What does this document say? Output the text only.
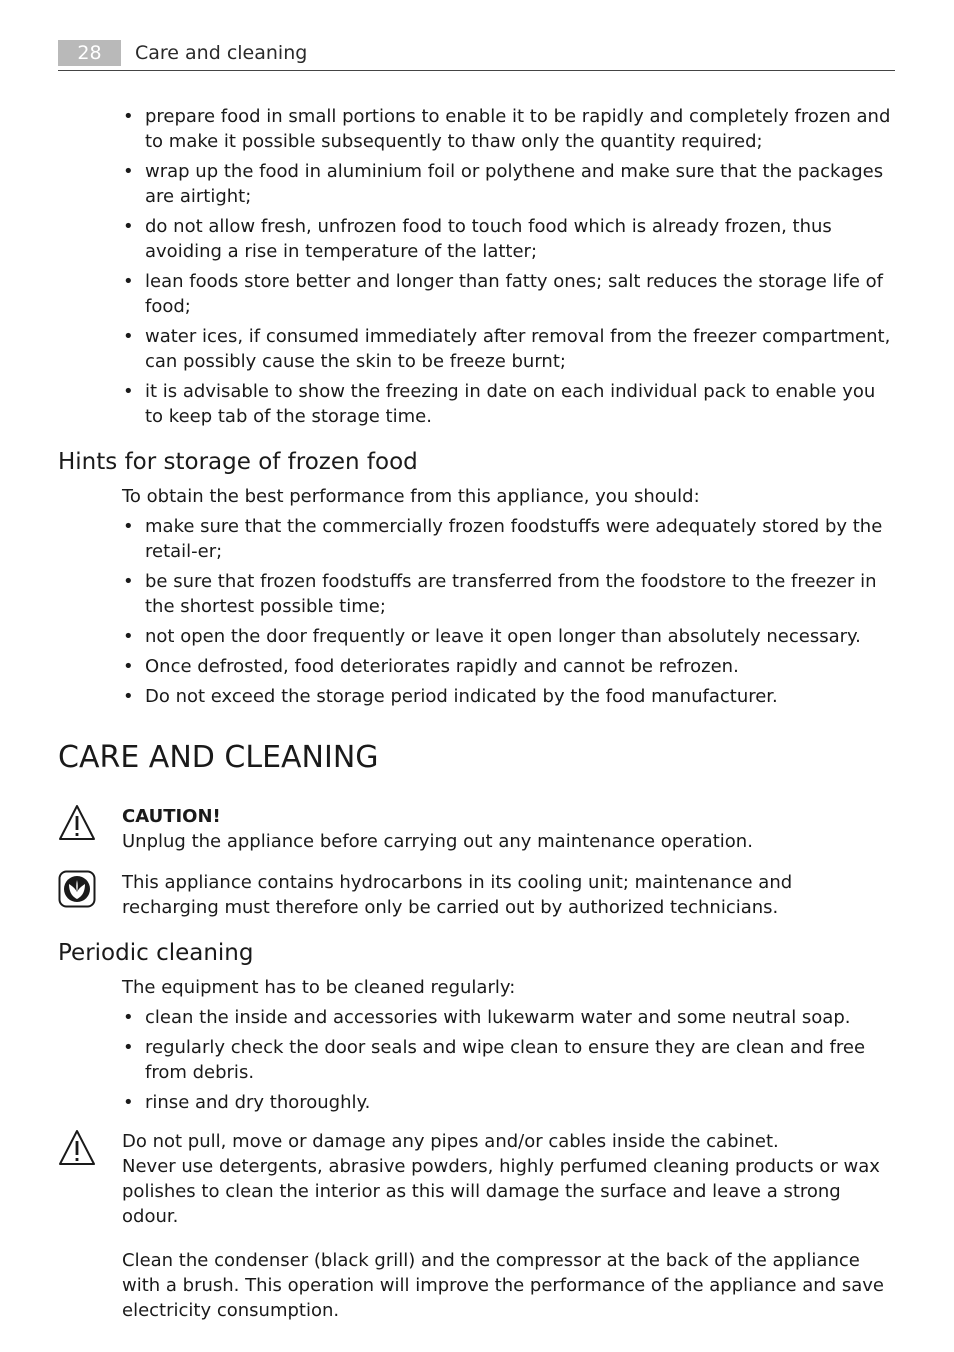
28	Care and cleaning
• prepare food in small portions to enable it to be rapidly and completely frozen and to make it possible subsequently to thaw only the quantity required;
• wrap up the food in aluminium foil or polythene and make sure that the packages are airtight;
• do not allow fresh, unfrozen food to touch food which is already frozen, thus avoiding a rise in temperature of the latter;
• lean foods store better and longer than fatty ones; salt reduces the storage life of food;
• water ices, if consumed immediately after removal from the freezer compartment, can possibly cause the skin to be freeze burnt;
• it is advisable to show the freezing in date on each individual pack to enable you to keep tab of the storage time.
Hints for storage of frozen food

To obtain the best performance from this appliance, you should:

• make sure that the commercially frozen foodstuffs were adequately stored by the retail-er;
• be sure that frozen foodstuffs are transferred from the foodstore to the freezer in the shortest possible time;
• not open the door frequently or leave it open longer than absolutely necessary.
• Once defrosted, food deteriorates rapidly and cannot be refrozen.
• Do not exceed the storage period indicated by the food manufacturer.
CARE AND CLEANING
CAUTION!

Unplug the appliance before carrying out any maintenance operation.

This appliance contains hydrocarbons in its cooling unit; maintenance and recharging must therefore only be carried out by authorized technicians.

Periodic cleaning

The equipment has to be cleaned regularly:

• clean the inside and accessories with lukewarm water and some neutral soap.
• regularly check the door seals and wipe clean to ensure they are clean and free from debris.
• rinse and dry thoroughly.

Do not pull, move or damage any pipes and/or cables inside the cabinet.

Never use detergents, abrasive powders, highly perfumed cleaning products or wax polishes to clean the interior as this will damage the surface and leave a strong odour.

Clean the condenser (black grill) and the compressor at the back of the appliance with a brush. This operation will improve the performance of the appliance and save electricity consumption.
